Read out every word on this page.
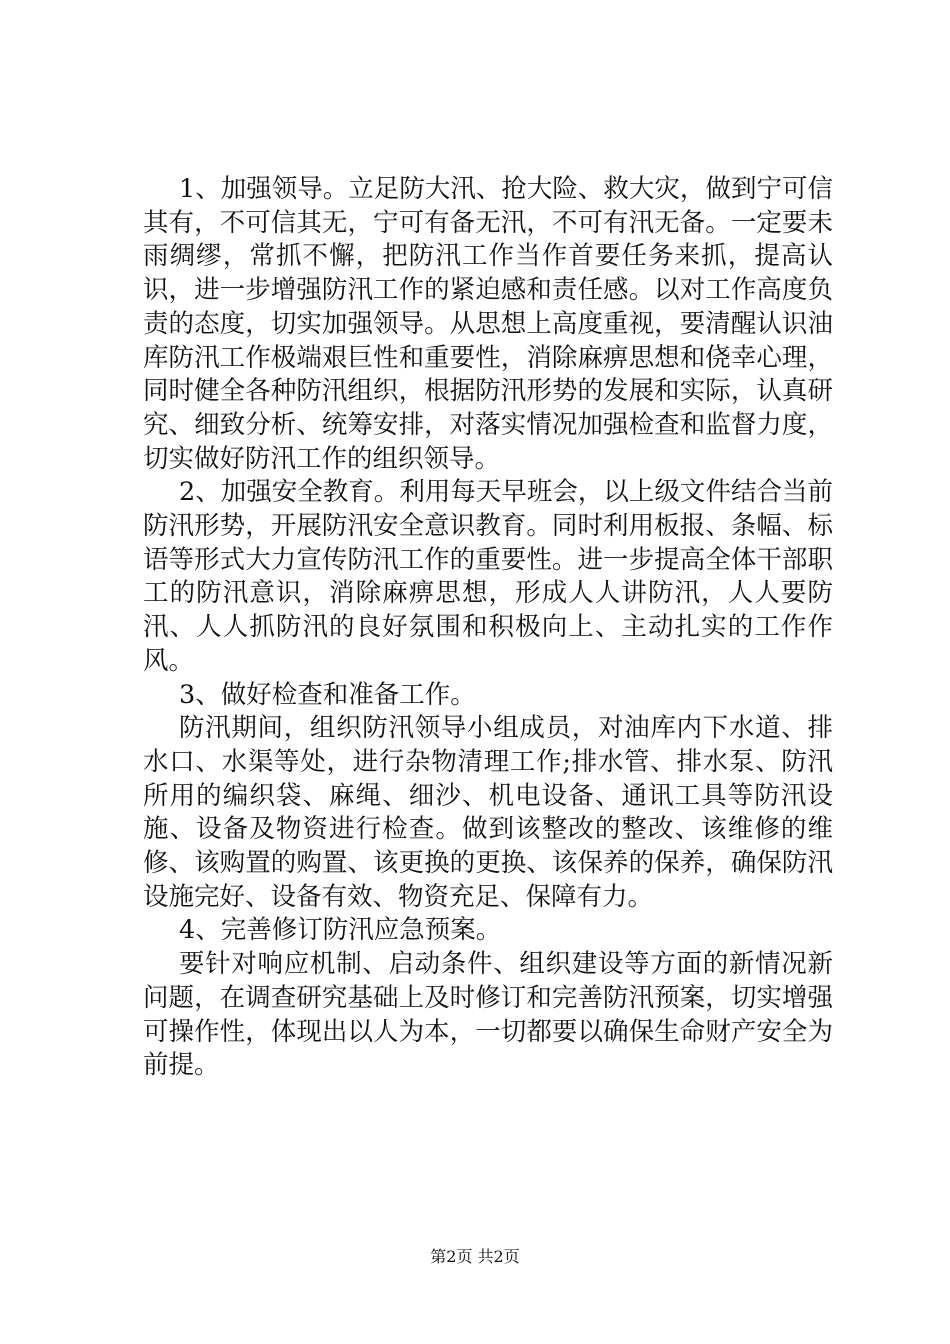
1、加强领导。立足防大汛、抢大险、救大灾，做到宁可信其有，不可信其无，宁可有备无汛，不可有汛无备。一定要未雨绸缪，常抓不懈，把防汛工作当作首要任务来抓，提高认识，进一步增强防汛工作的紧迫感和责任感。以对工作高度负责的态度，切实加强领导。从思想上高度重视，要清醒认识油库防汛工作极端艰巨性和重要性，消除麻痹思想和侥幸心理，同时健全各种防汛组织，根据防汛形势的发展和实际，认真研究、细致分析、统筹安排，对落实情况加强检查和监督力度，切实做好防汛工作的组织领导。

2、加强安全教育。利用每天早班会，以上级文件结合当前防汛形势，开展防汛安全意识教育。同时利用板报、条幅、标语等形式大力宣传防汛工作的重要性。进一步提高全体干部职工的防汛意识，消除麻痹思想，形成人人讲防汛，人人要防汛、人人抓防汛的良好氛围和积极向上、主动扎实的工作作风。

3、做好检查和准备工作。

防汛期间，组织防汛领导小组成员，对油库内下水道、排水口、水渠等处，进行杂物清理工作;排水管、排水泵、防汛所用的编织袋、麻绳、细沙、机电设备、通讯工具等防汛设施、设备及物资进行检查。做到该整改的整改、该维修的维修、该购置的购置、该更换的更换、该保养的保养，确保防汛设施完好、设备有效、物资充足、保障有力。

4、完善修订防汛应急预案。

要针对响应机制、启动条件、组织建设等方面的新情况新问题，在调查研究基础上及时修订和完善防汛预案，切实增强可操作性，体现出以人为本，一切都要以确保生命财产安全为前提。

第2页 共2页
